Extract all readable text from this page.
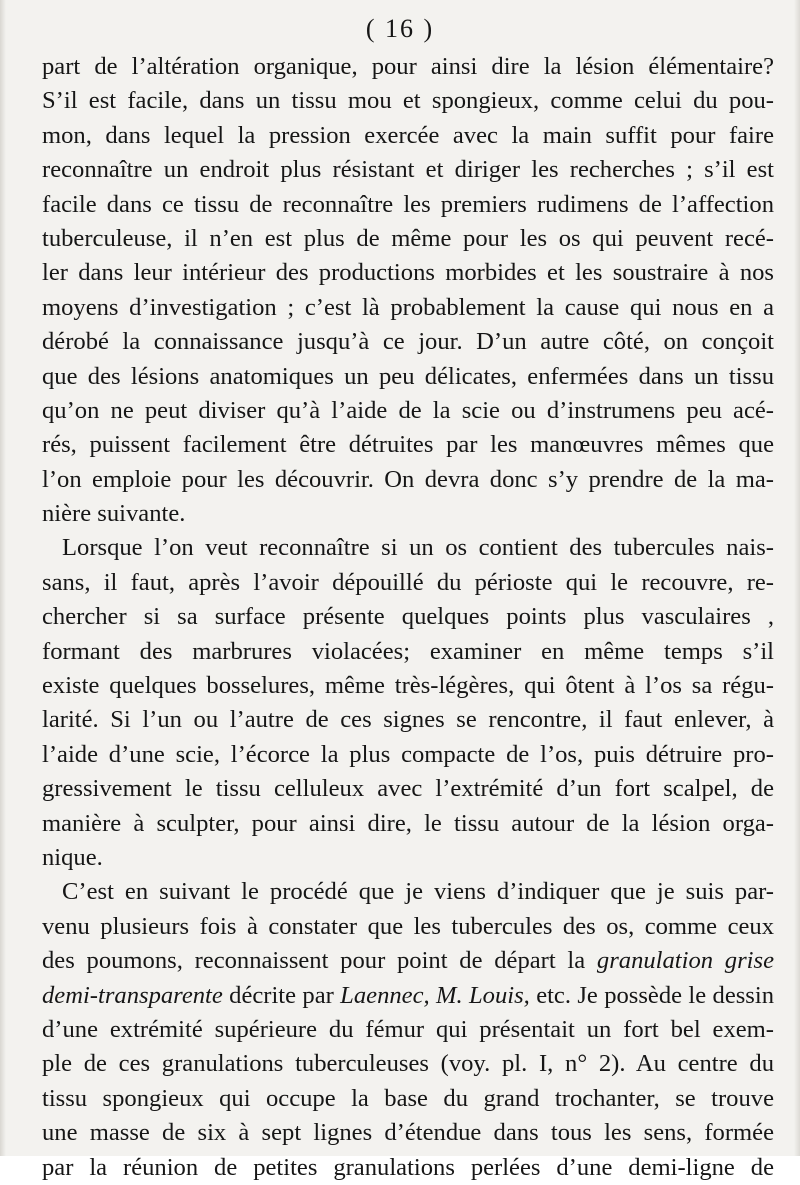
( 16 )
part de l’altération organique, pour ainsi dire la lésion élémentaire?
S’il est facile, dans un tissu mou et spongieux, comme celui du pou-
mon, dans lequel la pression exercée avec la main suffit pour faire
reconnaître un endroit plus résistant et diriger les recherches ; s’il est
facile dans ce tissu de reconnaître les premiers rudimens de l’affection
tuberculeuse, il n’en est plus de même pour les os qui peuvent recé-
ler dans leur intérieur des productions morbides et les soustraire à nos
moyens d’investigation ; c’est là probablement la cause qui nous en a
dérobé la connaissance jusqu’à ce jour. D’un autre côté, on conçoit
que des lésions anatomiques un peu délicates, enfermées dans un tissu
qu’on ne peut diviser qu’à l’aide de la scie ou d’instrumens peu acé-
rés, puissent facilement être détruites par les manœuvres mêmes que
l’on emploie pour les découvrir. On devra donc s’y prendre de la ma-
nière suivante.
Lorsque l’on veut reconnaître si un os contient des tubercules nais-
sans, il faut, après l’avoir dépouillé du périoste qui le recouvre, re-
chercher si sa surface présente quelques points plus vasculaires ,
formant des marbrures violacées; examiner en même temps s’il
existe quelques bosselures, même très-légères, qui ôtent à l’os sa régu-
larité. Si l’un ou l’autre de ces signes se rencontre, il faut enlever, à
l’aide d’une scie, l’écorce la plus compacte de l’os, puis détruire pro-
gressivement le tissu celluleux avec l’extrémité d’un fort scalpel, de
manière à sculpter, pour ainsi dire, le tissu autour de la lésion orga-
nique.
C’est en suivant le procédé que je viens d’indiquer que je suis par-
venu plusieurs fois à constater que les tubercules des os, comme ceux
des poumons, reconnaissent pour point de départ la granulation grise
demi-transparente décrite par Laennec, M. Louis, etc. Je possède le dessin
d’une extrémité supérieure du fémur qui présentait un fort bel exem-
ple de ces granulations tuberculeuses (voy. pl. I, n° 2). Au centre du
tissu spongieux qui occupe la base du grand trochanter, se trouve
une masse de six à sept lignes d’étendue dans tous les sens, formée
par la réunion de petites granulations perlées d’une demi-ligne de
